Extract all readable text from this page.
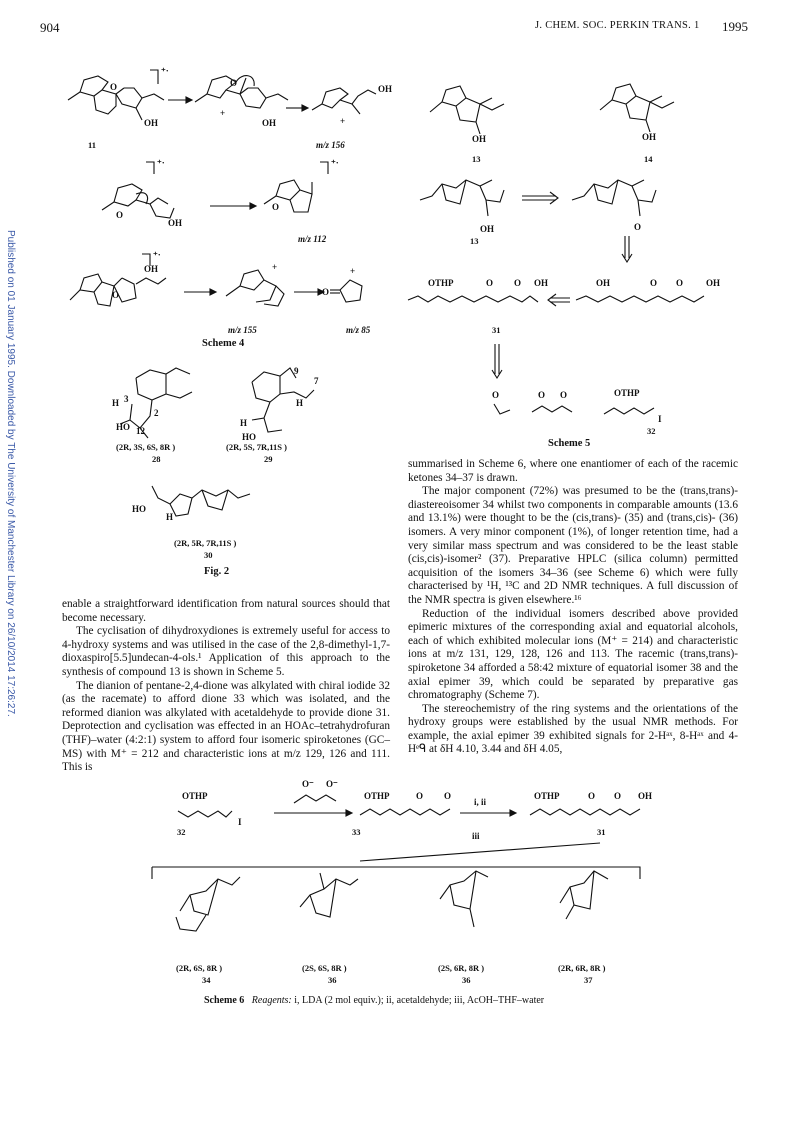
904	J. CHEM. SOC. PERKIN TRANS. 1 1995
Published on 01 January 1995. Downloaded by The University of Manchester Library on 26/10/2014 17:26:27.
O
OH
⁺·
+
O
OH
OH
+
11	m/z 156
⁺·
O
OH
⁺·
O
m/z 112
⁺·
OH
O
+
O
+
m/z 155	m/z 85
Scheme 4
H 3
2
HO 12
9
7
H
H
HO
(2R, 3S, 6S, 8R )
28
(2R, 5S, 7R,11S )
29
HO
H
(2R, 5R, 7R,11S )
30
Fig. 2
OH	OH
13	14
OH	O
13
OTHP	O O OH	OH	O O	OH
31
O	O O	OTHP
I
32
Scheme 5

enable a straightforward identification from natural sources should that become necessary.

The cyclisation of dihydroxydiones is extremely useful for access to 4-hydroxy systems and was utilised in the case of the 2,8-dimethyl-1,7-dioxaspiro[5.5]undecan-4-ols.¹ Application of this approach to the synthesis of compound 13 is shown in Scheme 5.

The dianion of pentane-2,4-dione was alkylated with chiral iodide 32 (as the racemate) to afford dione 33 which was isolated, and the reformed dianion was alkylated with acetaldehyde to provide dione 31. Deprotection and cyclisation was effected in an HOAc–tetrahydrofuran (THF)–water (4:2:1) system to afford four isomeric spiroketones (GC–MS) with M⁺ = 212 and characteristic ions at m/z 129, 126 and 111. This is

summarised in Scheme 6, where one enantiomer of each of the racemic ketones 34–37 is drawn.

The major component (72%) was presumed to be the (trans,trans)-diastereoisomer 34 whilst two components in comparable amounts (13.6 and 13.1%) were thought to be the (cis,trans)- (35) and (trans,cis)- (36) isomers. A very minor component (1%), of longer retention time, had a very similar mass spectrum and was considered to be the least stable (cis,cis)-isomer² (37). Preparative HPLC (silica column) permitted acquisition of the isomers 34–36 (see Scheme 6) which were fully characterised by ¹H, ¹³C and 2D NMR techniques. A full discussion of the NMR spectra is given elsewhere.¹⁶

Reduction of the individual isomers described above provided epimeric mixtures of the corresponding axial and equatorial alcohols, each of which exhibited molecular ions (M⁺ = 214) and characteristic ions at m/z 131, 129, 128, 126 and 113. The racemic (trans,trans)-spiroketone 34 afforded a 58:42 mixture of equatorial isomer 38 and the axial epimer 39, which could be separated by preparative gas chromatography (Scheme 7).

The stereochemistry of the ring systems and the orientations of the hydroxy groups were established by the usual NMR methods. For example, the axial epimer 39 exhibited signals for 2-Hᵃˣ, 8-Hᵃˣ and 4-Hᵉᑫ at δH 4.10, 3.44 and δH 4.05,

OTHP
I
O⁻ O⁻
OTHP	O O
i, ii
OTHP	O O OH
iii
32	33	31
(2R, 6S, 8R )
34
(2S, 6S, 8R )
36
(2S, 6R, 8R )
36
(2R, 6R, 8R )
37
Scheme 6 Reagents: i, LDA (2 mol equiv.); ii, acetaldehyde; iii, AcOH–THF–water
